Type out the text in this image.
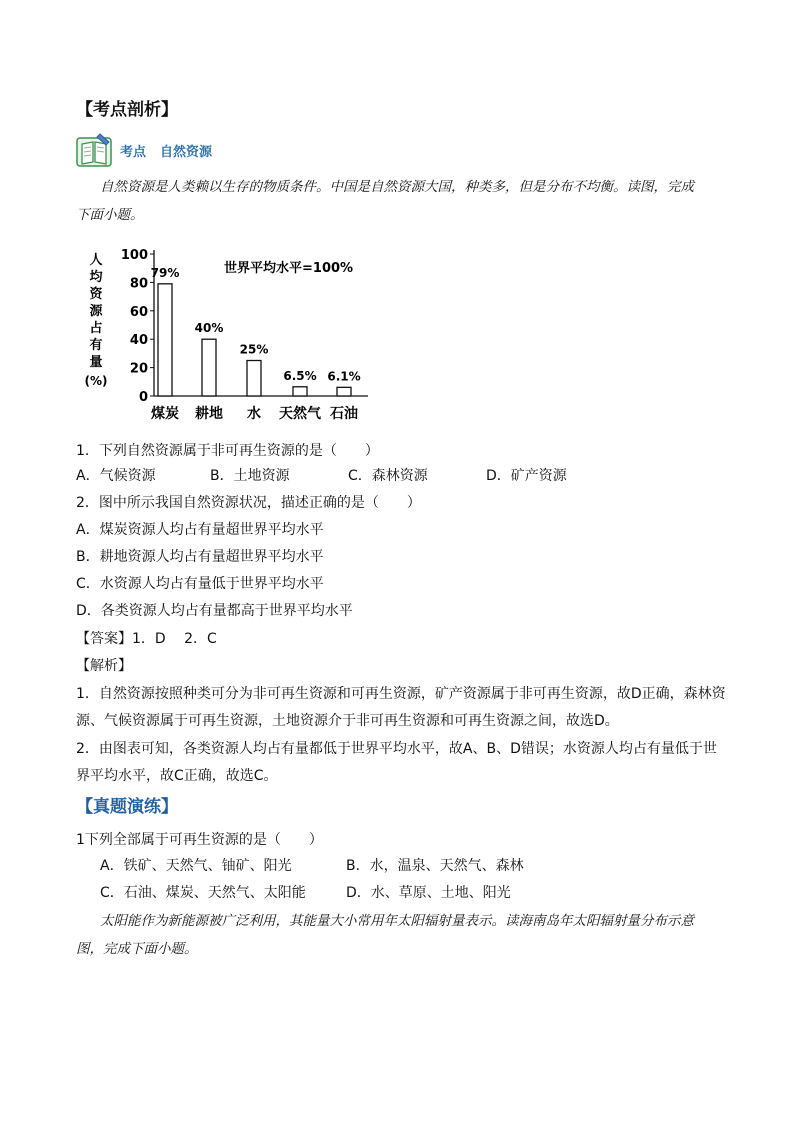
【考点剖析】
考点 自然资源
自然资源是人类赖以生存的物质条件。中国是自然资源大国，种类多，但是分布不均衡。读图，完成
下面小题。
人
均
资
源
占
有
量
(%)
0
20
40
60
80
100
79%
40%
25%
6.5% 6.1%
煤炭 耕地 水 天然气 石油
世界平均水平=100%
1．下列自然资源属于非可再生资源的是（　　）
A．气候资源	B．土地资源	C．森林资源	D．矿产资源
2．图中所示我国自然资源状况，描述正确的是（　　）
A．煤炭资源人均占有量超世界平均水平
B．耕地资源人均占有量超世界平均水平
C．水资源人均占有量低于世界平均水平
D．各类资源人均占有量都高于世界平均水平
【答案】1．D　 2．C
【解析】
1．自然资源按照种类可分为非可再生资源和可再生资源，矿产资源属于非可再生资源，故D正确，森林资
源、气候资源属于可再生资源，土地资源介于非可再生资源和可再生资源之间，故选D。
2．由图表可知，各类资源人均占有量都低于世界平均水平，故A、B、D错误；水资源人均占有量低于世
界平均水平，故C正确，故选C。
【真题演练】
1下列全部属于可再生资源的是（　　）
A．铁矿、天然气、铀矿、阳光	B．水，温泉、天然气、森林
C．石油、煤炭、天然气、太阳能	D．水、草原、土地、阳光
太阳能作为新能源被广泛利用，其能量大小常用年太阳辐射量表示。读海南岛年太阳辐射量分布示意
图，完成下面小题。
